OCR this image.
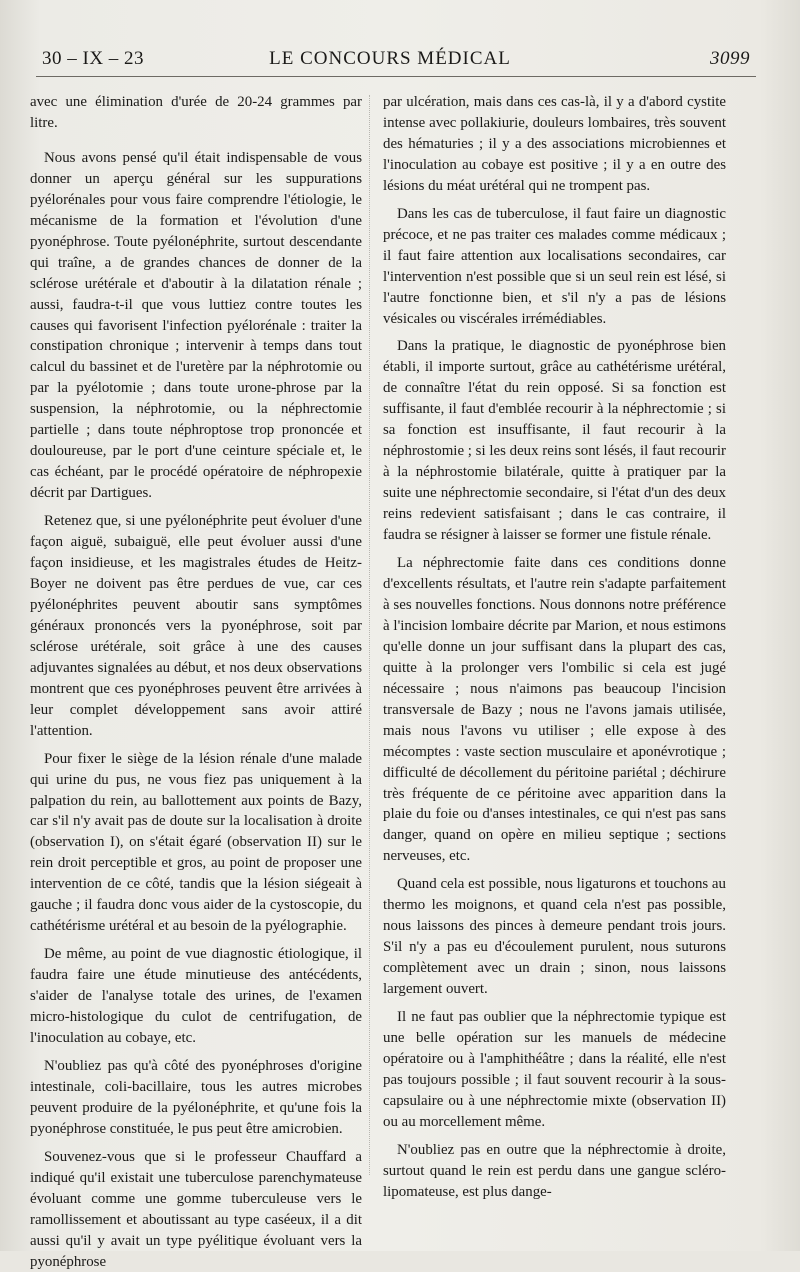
30 – IX – 23	LE CONCOURS MÉDICAL	3099

avec une élimination d'urée de 20-24 grammes par litre.

Nous avons pensé qu'il était indispensable de vous donner un aperçu général sur les suppurations pyélorénales pour vous faire comprendre l'étiologie, le mécanisme de la formation et l'évolution d'une pyonéphrose. Toute pyélonéphrite, surtout descendante qui traîne, a de grandes chances de donner de la sclérose urétérale et d'aboutir à la dilatation rénale ; aussi, faudra-t-il que vous luttiez contre toutes les causes qui favorisent l'infection pyélorénale : traiter la constipation chronique ; intervenir à temps dans tout calcul du bassinet et de l'uretère par la néphrotomie ou par la pyélotomie ; dans toute urone-phrose par la suspension, la néphrotomie, ou la néphrectomie partielle ; dans toute néphroptose trop prononcée et douloureuse, par le port d'une ceinture spéciale et, le cas échéant, par le procédé opératoire de néphropexie décrit par Dartigues.

Retenez que, si une pyélonéphrite peut évoluer d'une façon aiguë, subaiguë, elle peut évoluer aussi d'une façon insidieuse, et les magistrales études de Heitz-Boyer ne doivent pas être perdues de vue, car ces pyélonéphrites peuvent aboutir sans symptômes généraux prononcés vers la pyonéphrose, soit par sclérose urétérale, soit grâce à une des causes adjuvantes signalées au début, et nos deux observations montrent que ces pyonéphroses peuvent être arrivées à leur complet développement sans avoir attiré l'attention.

Pour fixer le siège de la lésion rénale d'une malade qui urine du pus, ne vous fiez pas uniquement à la palpation du rein, au ballottement aux points de Bazy, car s'il n'y avait pas de doute sur la localisation à droite (observation I), on s'était égaré (observation II) sur le rein droit perceptible et gros, au point de proposer une intervention de ce côté, tandis que la lésion siégeait à gauche ; il faudra donc vous aider de la cystoscopie, du cathétérisme urétéral et au besoin de la pyélographie.

De même, au point de vue diagnostic étiologique, il faudra faire une étude minutieuse des antécédents, s'aider de l'analyse totale des urines, de l'examen micro-histologique du culot de centrifugation, de l'inoculation au cobaye, etc.

N'oubliez pas qu'à côté des pyonéphroses d'origine intestinale, coli-bacillaire, tous les autres microbes peuvent produire de la pyélonéphrite, et qu'une fois la pyonéphrose constituée, le pus peut être amicrobien.

Souvenez-vous que si le professeur Chauffard a indiqué qu'il existait une tuberculose parenchymateuse évoluant comme une gomme tuberculeuse vers le ramollissement et aboutissant au type caséeux, il a dit aussi qu'il y avait un type pyélitique évoluant vers la pyonéphrose

par ulcération, mais dans ces cas-là, il y a d'abord cystite intense avec pollakiurie, douleurs lombaires, très souvent des hématuries ; il y a des associations microbiennes et l'inoculation au cobaye est positive ; il y a en outre des lésions du méat urétéral qui ne trompent pas.

Dans les cas de tuberculose, il faut faire un diagnostic précoce, et ne pas traiter ces malades comme médicaux ; il faut faire attention aux localisations secondaires, car l'intervention n'est possible que si un seul rein est lésé, si l'autre fonctionne bien, et s'il n'y a pas de lésions vésicales ou viscérales irrémédiables.

Dans la pratique, le diagnostic de pyonéphrose bien établi, il importe surtout, grâce au cathétérisme urétéral, de connaître l'état du rein opposé. Si sa fonction est suffisante, il faut d'emblée recourir à la néphrectomie ; si sa fonction est insuffisante, il faut recourir à la néphrostomie ; si les deux reins sont lésés, il faut recourir à la néphrostomie bilatérale, quitte à pratiquer par la suite une néphrectomie secondaire, si l'état d'un des deux reins redevient satisfaisant ; dans le cas contraire, il faudra se résigner à laisser se former une fistule rénale.

La néphrectomie faite dans ces conditions donne d'excellents résultats, et l'autre rein s'adapte parfaitement à ses nouvelles fonctions. Nous donnons notre préférence à l'incision lombaire décrite par Marion, et nous estimons qu'elle donne un jour suffisant dans la plupart des cas, quitte à la prolonger vers l'ombilic si cela est jugé nécessaire ; nous n'aimons pas beaucoup l'incision transversale de Bazy ; nous ne l'avons jamais utilisée, mais nous l'avons vu utiliser ; elle expose à des mécomptes : vaste section musculaire et aponévrotique ; difficulté de décollement du péritoine pariétal ; déchirure très fréquente de ce péritoine avec apparition dans la plaie du foie ou d'anses intestinales, ce qui n'est pas sans danger, quand on opère en milieu septique ; sections nerveuses, etc.

Quand cela est possible, nous ligaturons et touchons au thermo les moignons, et quand cela n'est pas possible, nous laissons des pinces à demeure pendant trois jours. S'il n'y a pas eu d'écoulement purulent, nous suturons complètement avec un drain ; sinon, nous laissons largement ouvert.

Il ne faut pas oublier que la néphrectomie typique est une belle opération sur les manuels de médecine opératoire ou à l'amphithéâtre ; dans la réalité, elle n'est pas toujours possible ; il faut souvent recourir à la sous-capsulaire ou à une néphrectomie mixte (observation II) ou au morcellement même.

N'oubliez pas en outre que la néphrectomie à droite, surtout quand le rein est perdu dans une gangue scléro-lipomateuse, est plus dange-
